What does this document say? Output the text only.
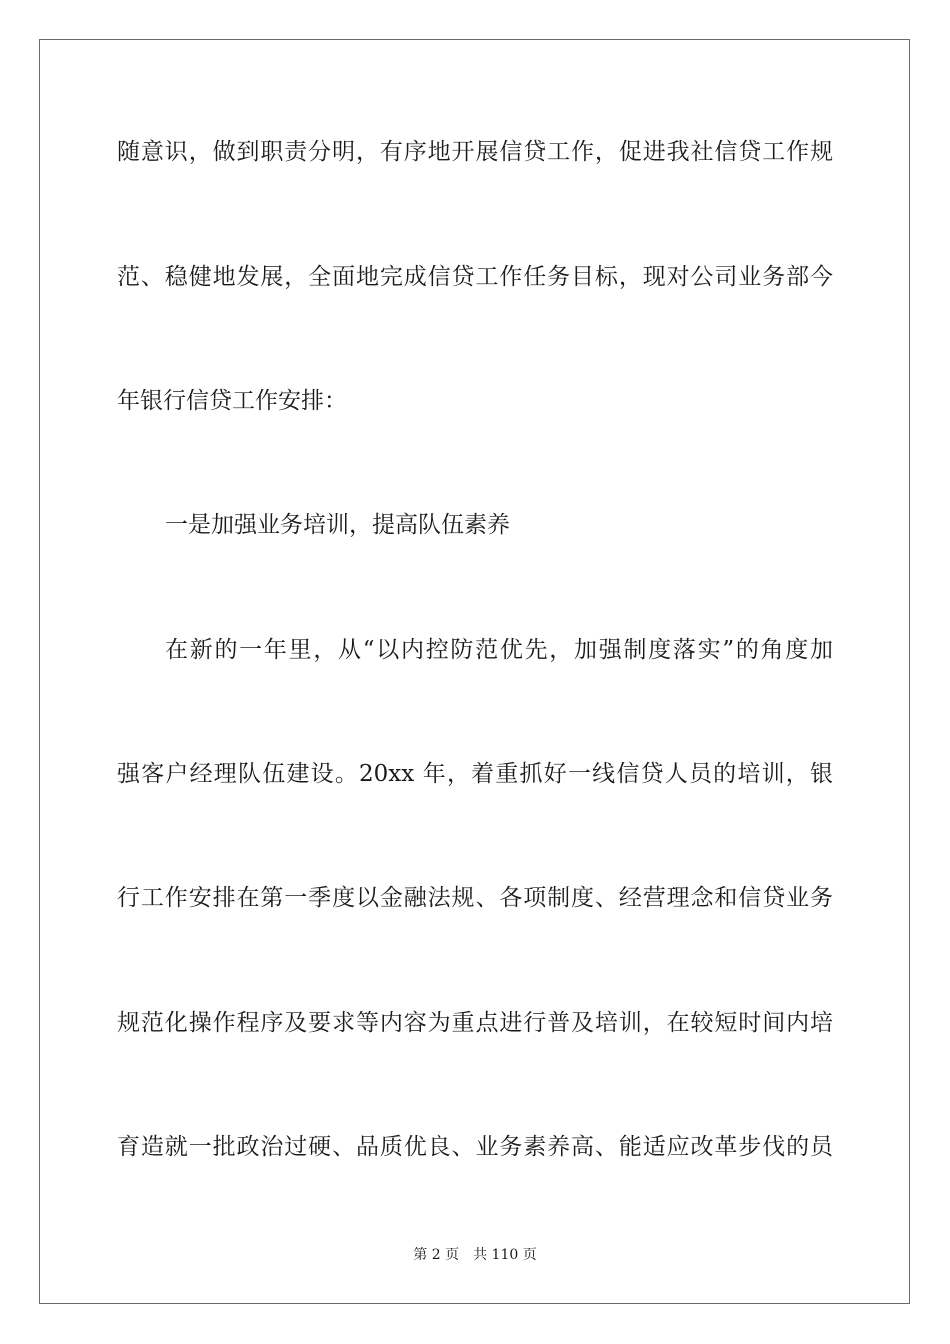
随意识，做到职责分明，有序地开展信贷工作，促进我社信贷工作规
范、稳健地发展，全面地完成信贷工作任务目标，现对公司业务部今
年银行信贷工作安排：
一是加强业务培训，提高队伍素养
在新的一年里，从“以内控防范优先，加强制度落实”的角度加
强客户经理队伍建设。20xx 年，着重抓好一线信贷人员的培训，银
行工作安排在第一季度以金融法规、各项制度、经营理念和信贷业务
规范化操作程序及要求等内容为重点进行普及培训，在较短时间内培
育造就一批政治过硬、品质优良、业务素养高、能适应改革步伐的员
第 2 页 共 110 页
